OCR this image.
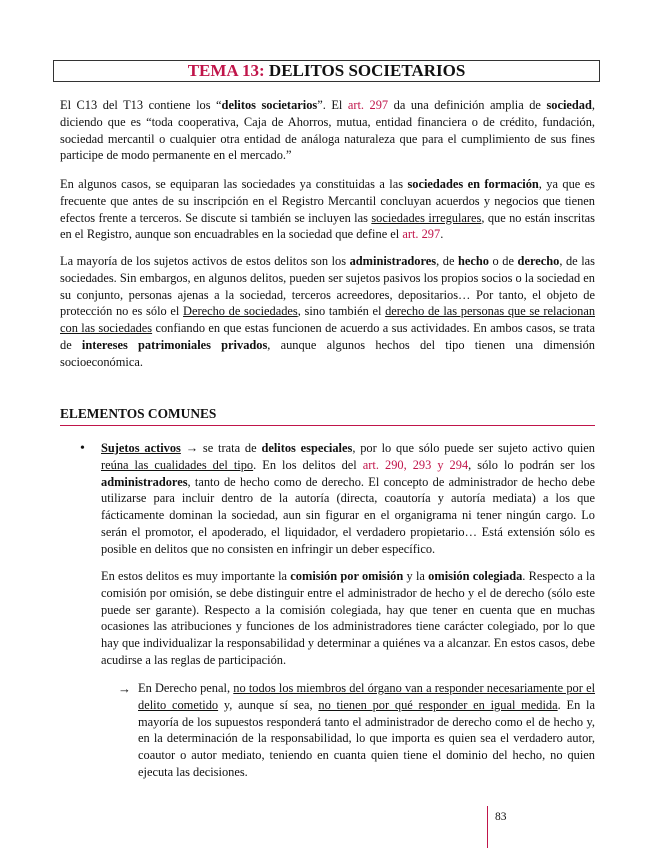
TEMA 13: DELITOS SOCIETARIOS

El C13 del T13 contiene los “delitos societarios”. El art. 297 da una definición amplia de sociedad, diciendo que es “toda cooperativa, Caja de Ahorros, mutua, entidad financiera o de crédito, fundación, sociedad mercantil o cualquier otra entidad de análoga naturaleza que para el cumplimiento de sus fines participe de modo permanente en el mercado.”

En algunos casos, se equiparan las sociedades ya constituidas a las sociedades en formación, ya que es frecuente que antes de su inscripción en el Registro Mercantil concluyan acuerdos y negocios que tienen efectos frente a terceros. Se discute si también se incluyen las sociedades irregulares, que no están inscritas en el Registro, aunque son encuadrables en la sociedad que define el art. 297.

La mayoría de los sujetos activos de estos delitos son los administradores, de hecho o de derecho, de las sociedades. Sin embargos, en algunos delitos, pueden ser sujetos pasivos los propios socios o la sociedad en su conjunto, personas ajenas a la sociedad, terceros acreedores, depositarios… Por tanto, el objeto de protección no es sólo el Derecho de sociedades, sino también el derecho de las personas que se relacionan con las sociedades confiando en que estas funcionen de acuerdo a sus actividades. En ambos casos, se trata de intereses patrimoniales privados, aunque algunos hechos del tipo tienen una dimensión socioeconómica.

ELEMENTOS COMUNES
• Sujetos activos → se trata de delitos especiales, por lo que sólo puede ser sujeto activo quien reúna las cualidades del tipo. En los delitos del art. 290, 293 y 294, sólo lo podrán ser los administradores, tanto de hecho como de derecho. El concepto de administrador de hecho debe utilizarse para incluir dentro de la autoría (directa, coautoría y autoría mediata) a los que fácticamente dominan la sociedad, aun sin figurar en el organigrama ni tener ningún cargo. Lo serán el promotor, el apoderado, el liquidador, el verdadero propietario… Está extensión sólo es posible en delitos que no consisten en infringir un deber específico.

En estos delitos es muy importante la comisión por omisión y la omisión colegiada. Respecto a la comisión por omisión, se debe distinguir entre el administrador de hecho y el de derecho (sólo este puede ser garante). Respecto a la comisión colegiada, hay que tener en cuenta que en muchas ocasiones las atribuciones y funciones de los administradores tiene carácter colegiado, por lo que hay que individualizar la responsabilidad y determinar a quiénes va a alcanzar. En estos casos, debe acudirse a las reglas de participación.

→ En Derecho penal, no todos los miembros del órgano van a responder necesariamente por el delito cometido y, aunque sí sea, no tienen por qué responder en igual medida. En la mayoría de los supuestos responderá tanto el administrador de derecho como el de hecho y, en la determinación de la responsabilidad, lo que importa es quien sea el verdadero autor, coautor o autor mediato, teniendo en cuanta quien tiene el dominio del hecho, no quien ejecuta las decisiones.

83
